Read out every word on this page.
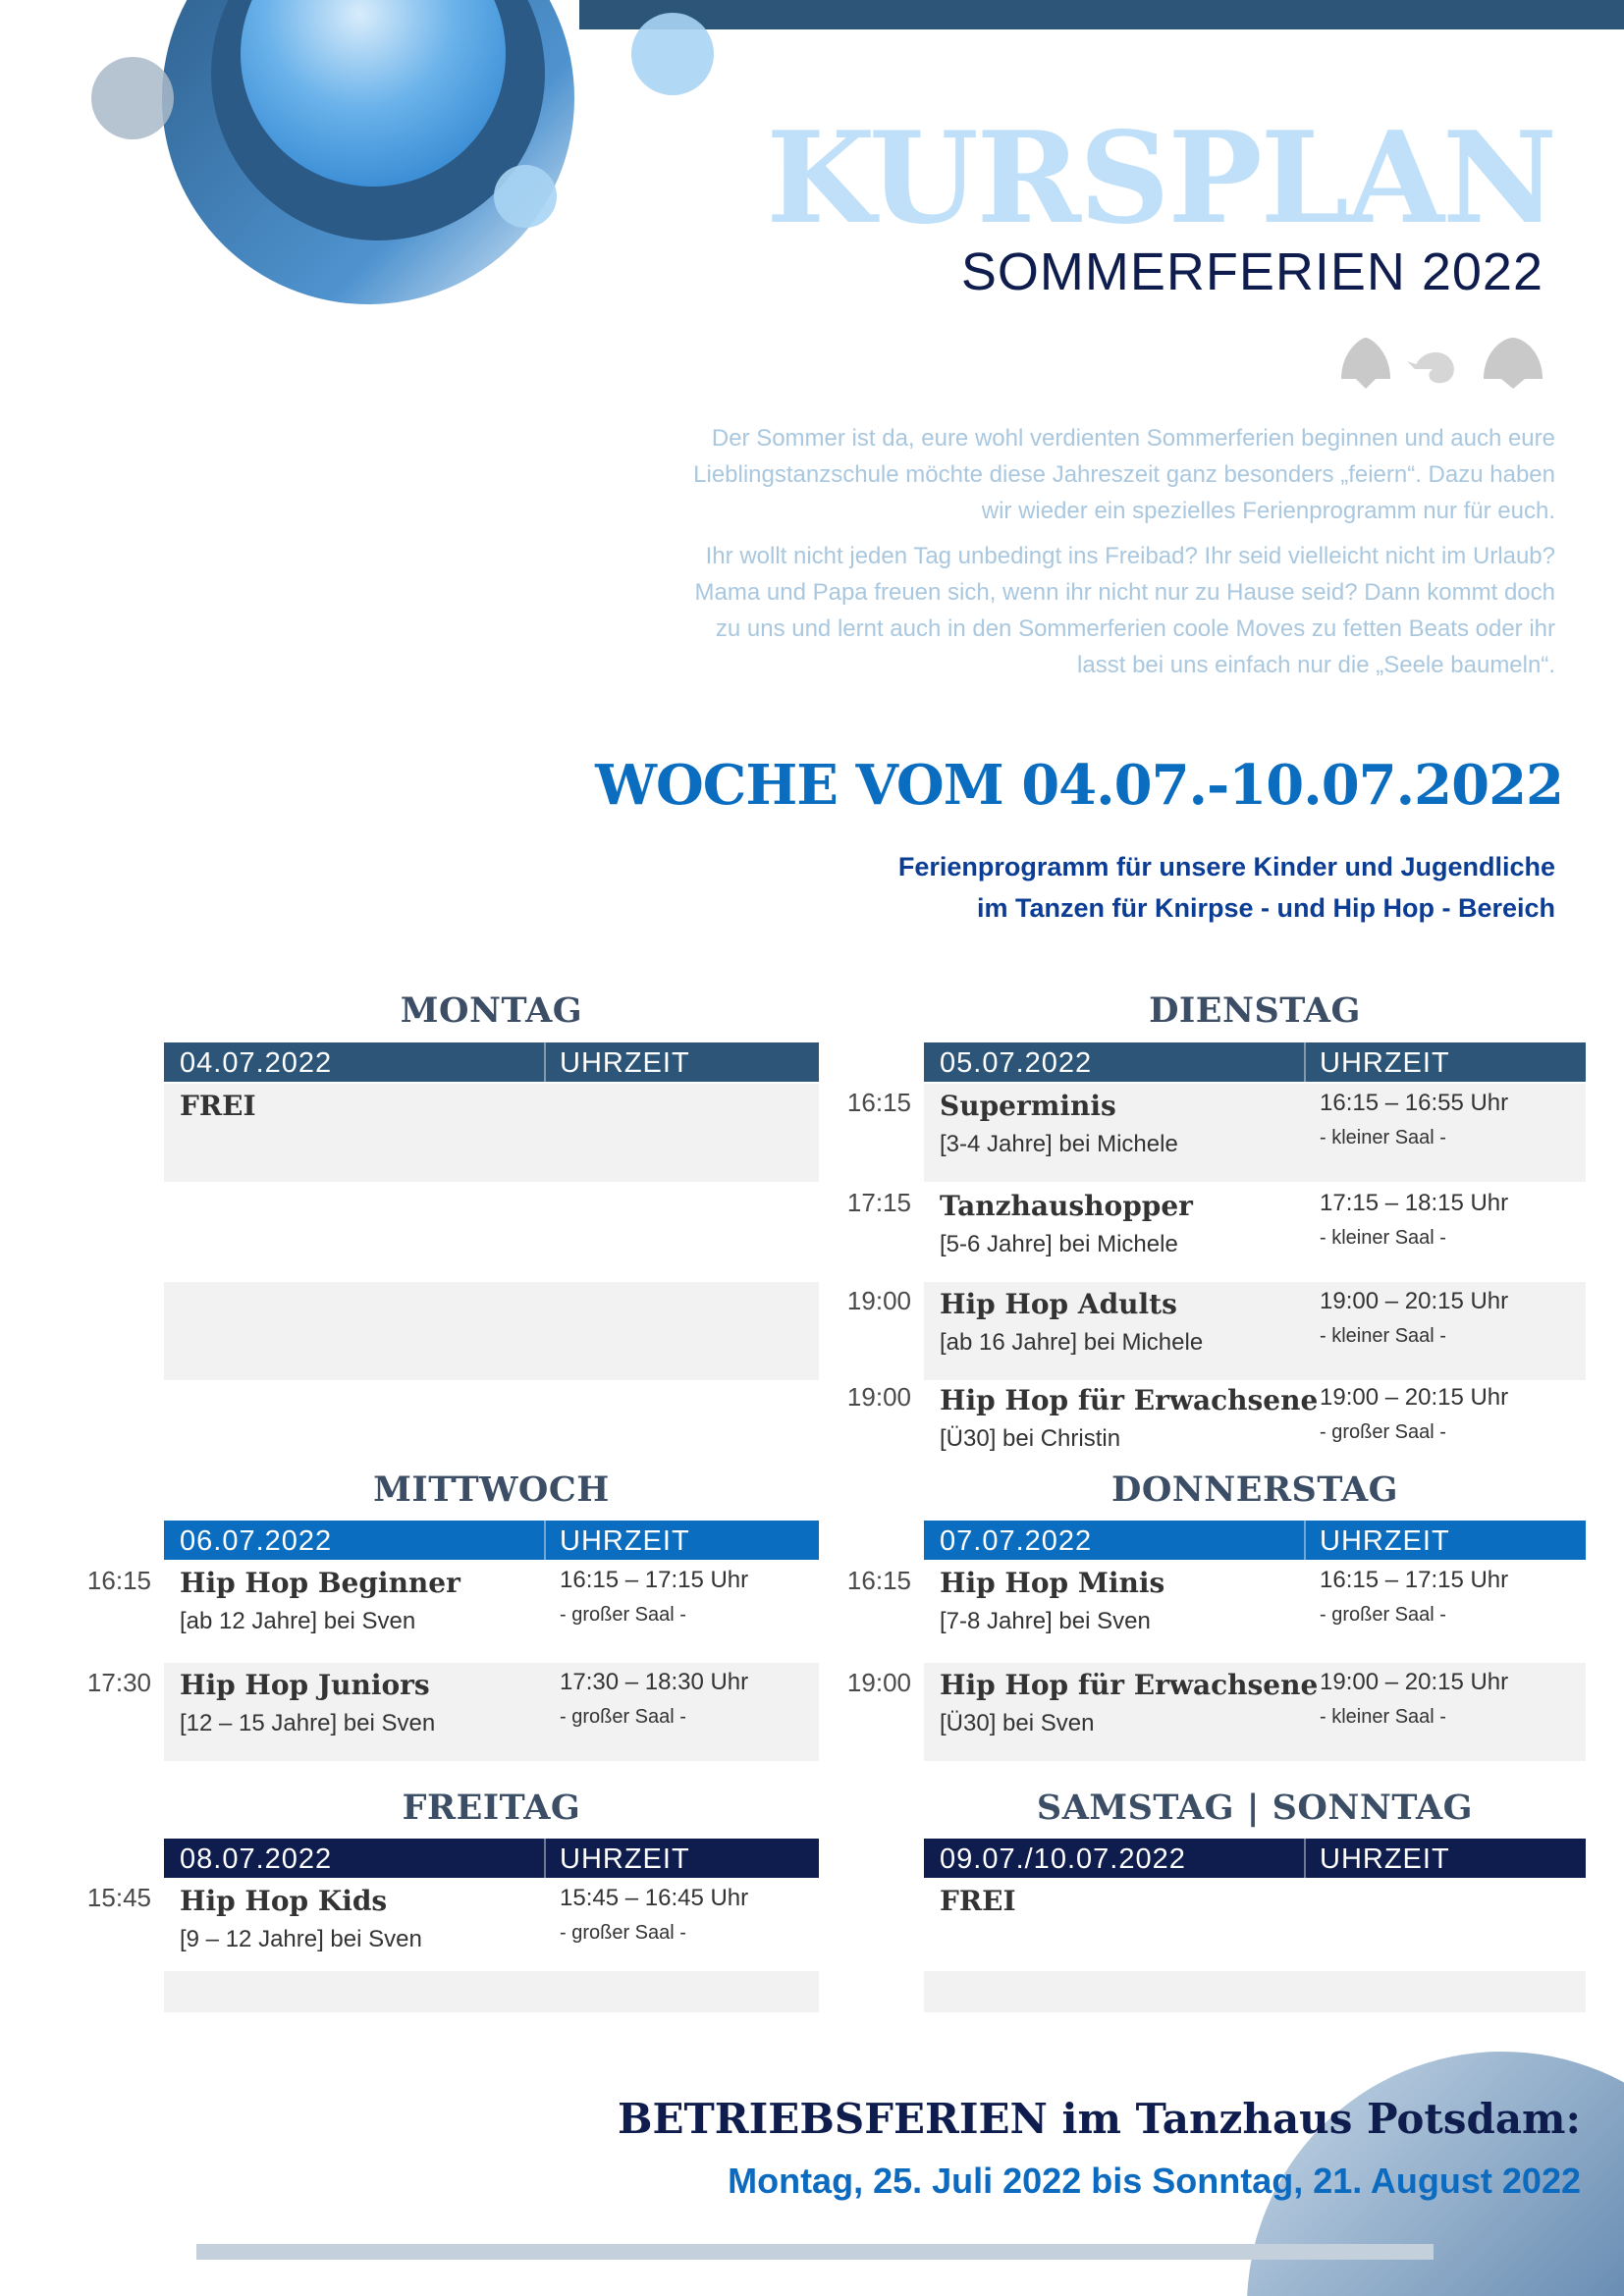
KURSPLAN
SOMMERFERIEN 2022
Der Sommer ist da, eure wohl verdienten Sommerferien beginnen und auch eure Lieblingstanzschule möchte diese Jahreszeit ganz besonders „feiern“. Dazu haben wir wieder ein spezielles Ferienprogramm nur für euch.
Ihr wollt nicht jeden Tag unbedingt ins Freibad? Ihr seid vielleicht nicht im Urlaub? Mama und Papa freuen sich, wenn ihr nicht nur zu Hause seid? Dann kommt doch zu uns und lernt auch in den Sommerferien coole Moves zu fetten Beats oder ihr lasst bei uns einfach nur die „Seele baumeln“.
WOCHE VOM 04.07.-10.07.2022
Ferienprogramm für unsere Kinder und Jugendliche
im Tanzen für Knirpse - und Hip Hop - Bereich
MONTAG
04.07.2022	UHRZEIT
FREI
DIENSTAG
05.07.2022	UHRZEIT
16:15 Superminis
[3-4 Jahre] bei Michele
16:15 – 16:55 Uhr
- kleiner Saal -
17:15 Tanzhaushopper
[5-6 Jahre] bei Michele
17:15 – 18:15 Uhr
- kleiner Saal -
19:00 Hip Hop Adults
[ab 16 Jahre] bei Michele
19:00 – 20:15 Uhr
- kleiner Saal -
19:00 Hip Hop für Erwachsene
[Ü30] bei Christin
19:00 – 20:15 Uhr
- großer Saal -
MITTWOCH
06.07.2022	UHRZEIT
16:15 Hip Hop Beginner
[ab 12 Jahre] bei Sven
16:15 – 17:15 Uhr
- großer Saal -
17:30 Hip Hop Juniors
[12 – 15 Jahre] bei Sven
17:30 – 18:30 Uhr
- großer Saal -
DONNERSTAG
07.07.2022	UHRZEIT
16:15 Hip Hop Minis
[7-8 Jahre] bei Sven
16:15 – 17:15 Uhr
- großer Saal -
19:00 Hip Hop für Erwachsene
[Ü30] bei Sven
19:00 – 20:15 Uhr
- kleiner Saal -
FREITAG
08.07.2022	UHRZEIT
15:45 Hip Hop Kids
[9 – 12 Jahre] bei Sven
15:45 – 16:45 Uhr
- großer Saal -
SAMSTAG | SONNTAG
09.07./10.07.2022	UHRZEIT
FREI
BETRIEBSFERIEN im Tanzhaus Potsdam:
Montag, 25. Juli 2022 bis Sonntag, 21. August 2022
